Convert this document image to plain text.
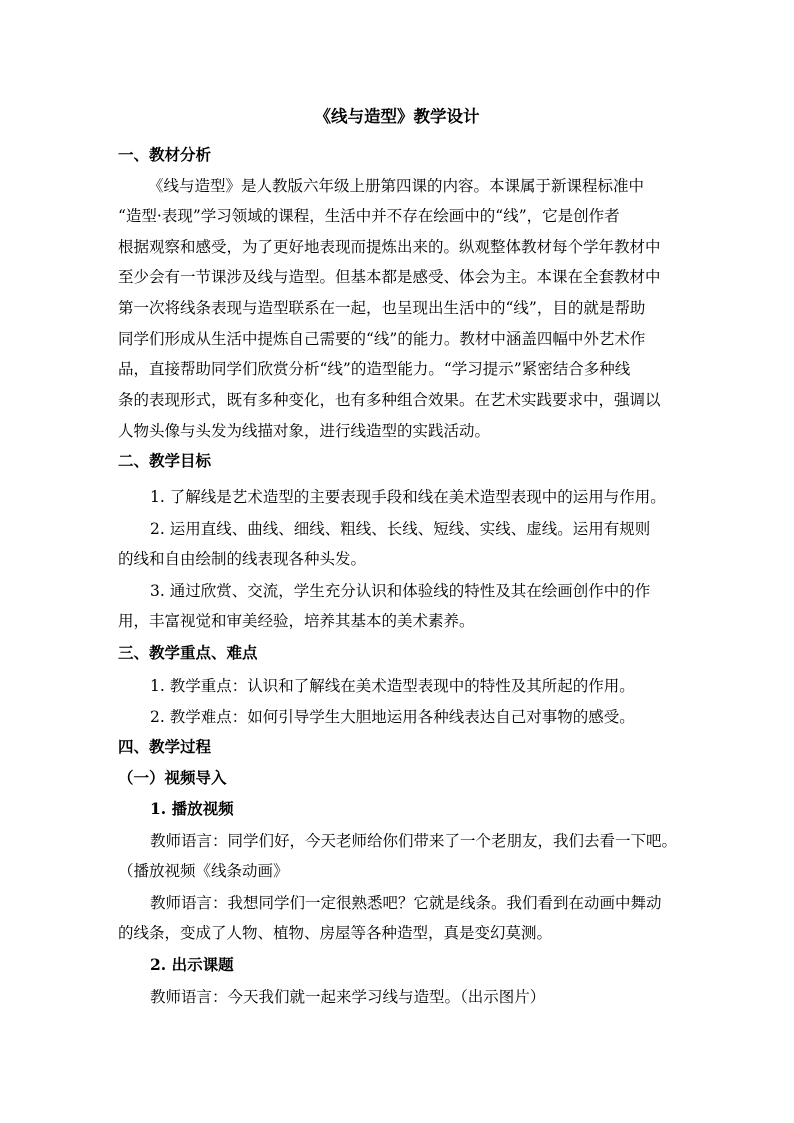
《线与造型》教学设计
一、教材分析
《线与造型》是人教版六年级上册第四课的内容。本课属于新课程标准中
“造型·表现”学习领域的课程，生活中并不存在绘画中的“线”，它是创作者
根据观察和感受，为了更好地表现而提炼出来的。纵观整体教材每个学年教材中
至少会有一节课涉及线与造型。但基本都是感受、体会为主。本课在全套教材中
第一次将线条表现与造型联系在一起，也呈现出生活中的“线”，目的就是帮助
同学们形成从生活中提炼自己需要的“线”的能力。教材中涵盖四幅中外艺术作
品，直接帮助同学们欣赏分析“线”的造型能力。“学习提示”紧密结合多种线
条的表现形式，既有多种变化，也有多种组合效果。在艺术实践要求中，强调以
人物头像与头发为线描对象，进行线造型的实践活动。
二、教学目标
1. 了解线是艺术造型的主要表现手段和线在美术造型表现中的运用与作用。
2. 运用直线、曲线、细线、粗线、长线、短线、实线、虚线。运用有规则
的线和自由绘制的线表现各种头发。
3. 通过欣赏、交流，学生充分认识和体验线的特性及其在绘画创作中的作
用，丰富视觉和审美经验，培养其基本的美术素养。
三、教学重点、难点
1. 教学重点：认识和了解线在美术造型表现中的特性及其所起的作用。
2. 教学难点：如何引导学生大胆地运用各种线表达自己对事物的感受。
四、教学过程
（一）视频导入
1. 播放视频
教师语言：同学们好，今天老师给你们带来了一个老朋友，我们去看一下吧。
（播放视频《线条动画》
教师语言：我想同学们一定很熟悉吧？它就是线条。我们看到在动画中舞动
的线条，变成了人物、植物、房屋等各种造型，真是变幻莫测。
2. 出示课题
教师语言：今天我们就一起来学习线与造型。（出示图片）
